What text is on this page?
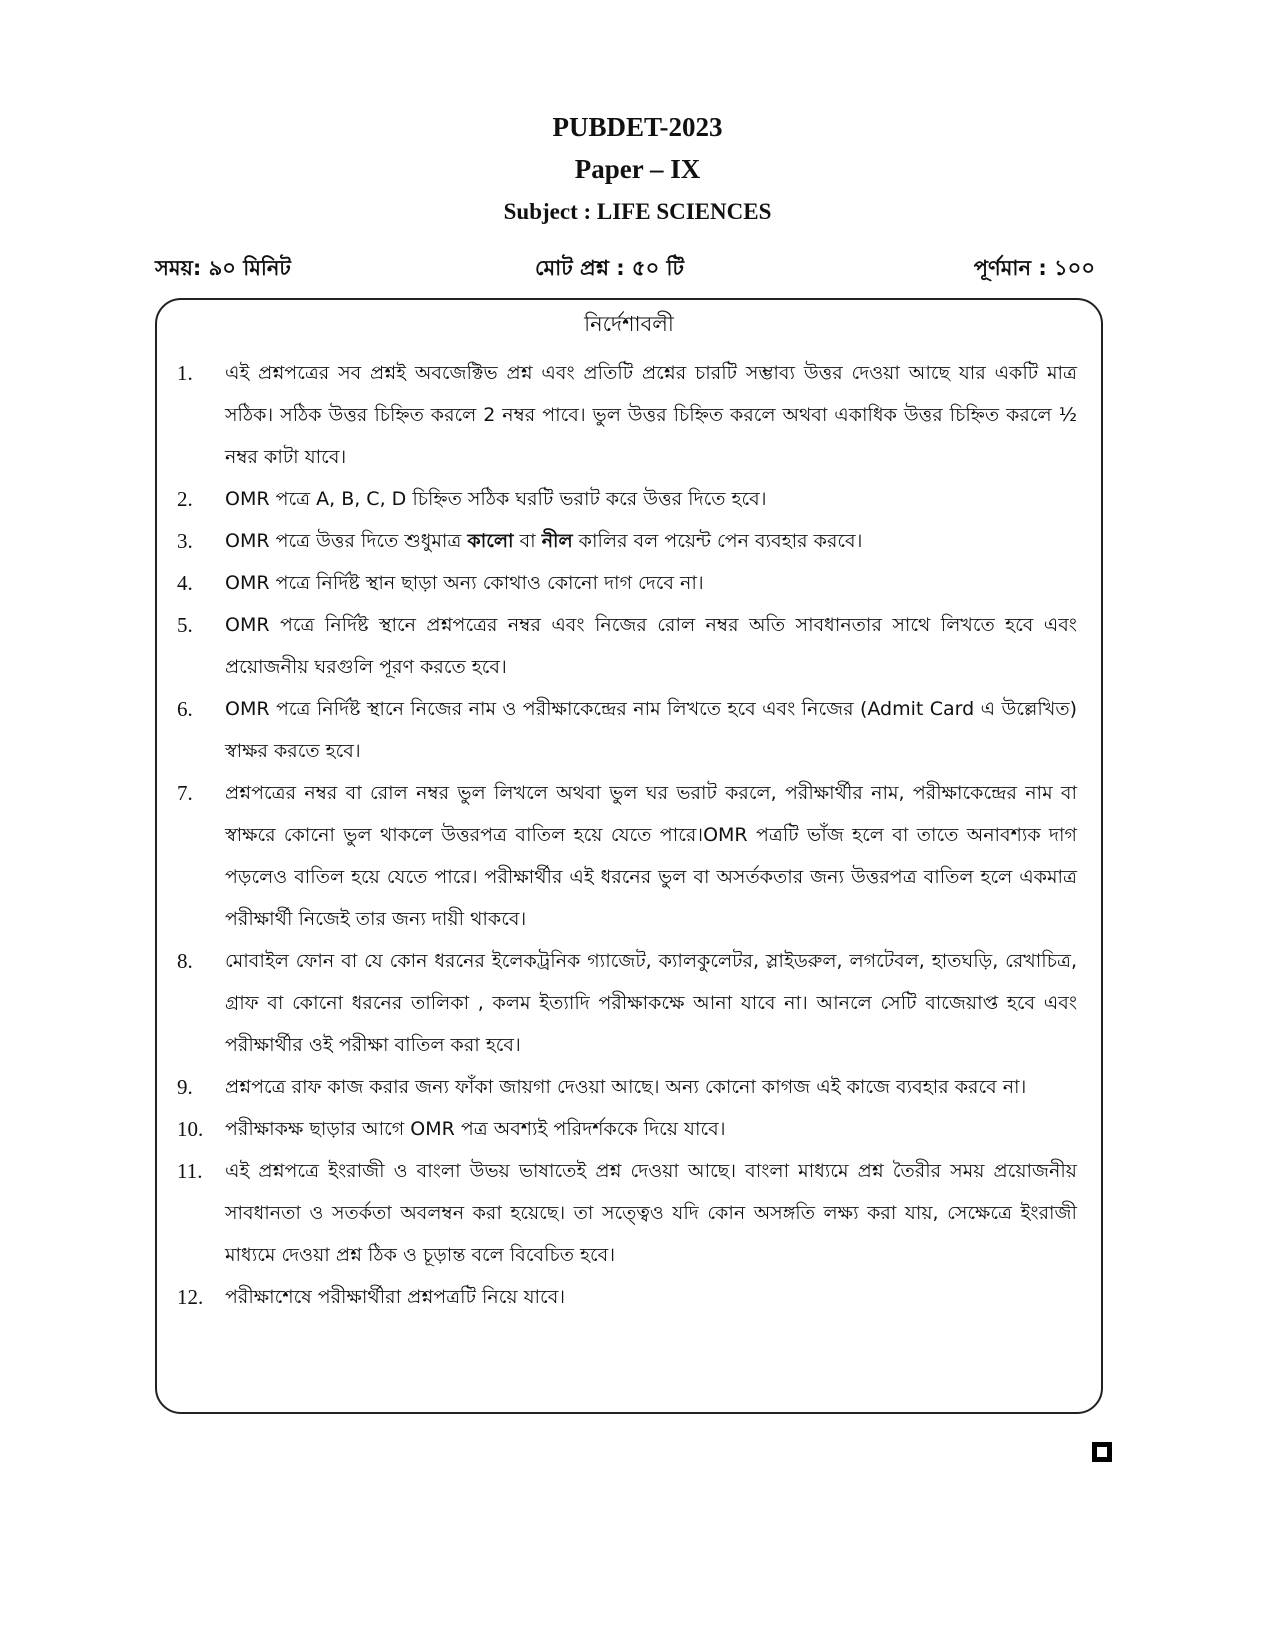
PUBDET-2023
Paper – IX
Subject : LIFE SCIENCES
সময়: ৯০ মিনিট	মোট প্রশ্ন : ৫০ টি	পূর্ণমান : ১০০
নির্দেশাবলী
1.	এই প্রশ্নপত্রের সব প্রশ্নই অবজেক্টিভ প্রশ্ন এবং প্রতিটি প্রশ্নের চারটি সম্ভাব্য উত্তর দেওয়া আছে যার একটি মাত্র সঠিক। সঠিক উত্তর চিহ্নিত করলে 2 নম্বর পাবে। ভুল উত্তর চিহ্নিত করলে অথবা একাধিক উত্তর চিহ্নিত করলে ½ নম্বর কাটা যাবে।
2.	OMR পত্রে A, B, C, D চিহ্নিত সঠিক ঘরটি ভরাট করে উত্তর দিতে হবে।
3.	OMR পত্রে উত্তর দিতে শুধুমাত্র কালো বা নীল কালির বল পয়েন্ট পেন ব্যবহার করবে।
4.	OMR পত্রে নির্দিষ্ট স্থান ছাড়া অন্য কোথাও কোনো দাগ দেবে না।
5.	OMR পত্রে নির্দিষ্ট স্থানে প্রশ্নপত্রের নম্বর এবং নিজের রোল নম্বর অতি সাবধানতার সাথে লিখতে হবে এবং প্রয়োজনীয় ঘরগুলি পূরণ করতে হবে।
6.	OMR পত্রে নির্দিষ্ট স্থানে নিজের নাম ও পরীক্ষাকেন্দ্রের নাম লিখতে হবে এবং নিজের (Admit Card এ উল্লেখিত) স্বাক্ষর করতে হবে।
7.	প্রশ্নপত্রের নম্বর বা রোল নম্বর ভুল লিখলে অথবা ভুল ঘর ভরাট করলে, পরীক্ষার্থীর নাম, পরীক্ষাকেন্দ্রের নাম বা স্বাক্ষরে কোনো ভুল থাকলে উত্তরপত্র বাতিল হয়ে যেতে পারে।OMR পত্রটি ভাঁজ হলে বা তাতে অনাবশ্যক দাগ পড়লেও বাতিল হয়ে যেতে পারে। পরীক্ষার্থীর এই ধরনের ভুল বা অসর্তকতার জন্য উত্তরপত্র বাতিল হলে একমাত্র পরীক্ষার্থী নিজেই তার জন্য দায়ী থাকবে।
8.	মোবাইল ফোন বা যে কোন ধরনের ইলেকট্রনিক গ্যাজেট, ক্যালকুলেটর, স্লাইডরুল, লগটেবল, হাতঘড়ি, রেখাচিত্র, গ্রাফ বা কোনো ধরনের তালিকা , কলম ইত্যাদি পরীক্ষাকক্ষে আনা যাবে না। আনলে সেটি বাজেয়াপ্ত হবে এবং পরীক্ষার্থীর ওই পরীক্ষা বাতিল করা হবে।
9.	প্রশ্নপত্রে রাফ কাজ করার জন্য ফাঁকা জায়গা দেওয়া আছে। অন্য কোনো কাগজ এই কাজে ব্যবহার করবে না।
10.	পরীক্ষাকক্ষ ছাড়ার আগে OMR পত্র অবশ্যই পরিদর্শককে দিয়ে যাবে।
11.	এই প্রশ্নপত্রে ইংরাজী ও বাংলা উভয় ভাষাতেই প্রশ্ন দেওয়া আছে। বাংলা মাধ্যমে প্রশ্ন তৈরীর সময় প্রয়োজনীয় সাবধানতা ও সতর্কতা অবলম্বন করা হয়েছে। তা সত্ত্বেও যদি কোন অসঙ্গতি লক্ষ্য করা যায়, সেক্ষেত্রে ইংরাজী মাধ্যমে দেওয়া প্রশ্ন ঠিক ও চূড়ান্ত বলে বিবেচিত হবে।
12.	পরীক্ষাশেষে পরীক্ষার্থীরা প্রশ্নপত্রটি নিয়ে যাবে।
